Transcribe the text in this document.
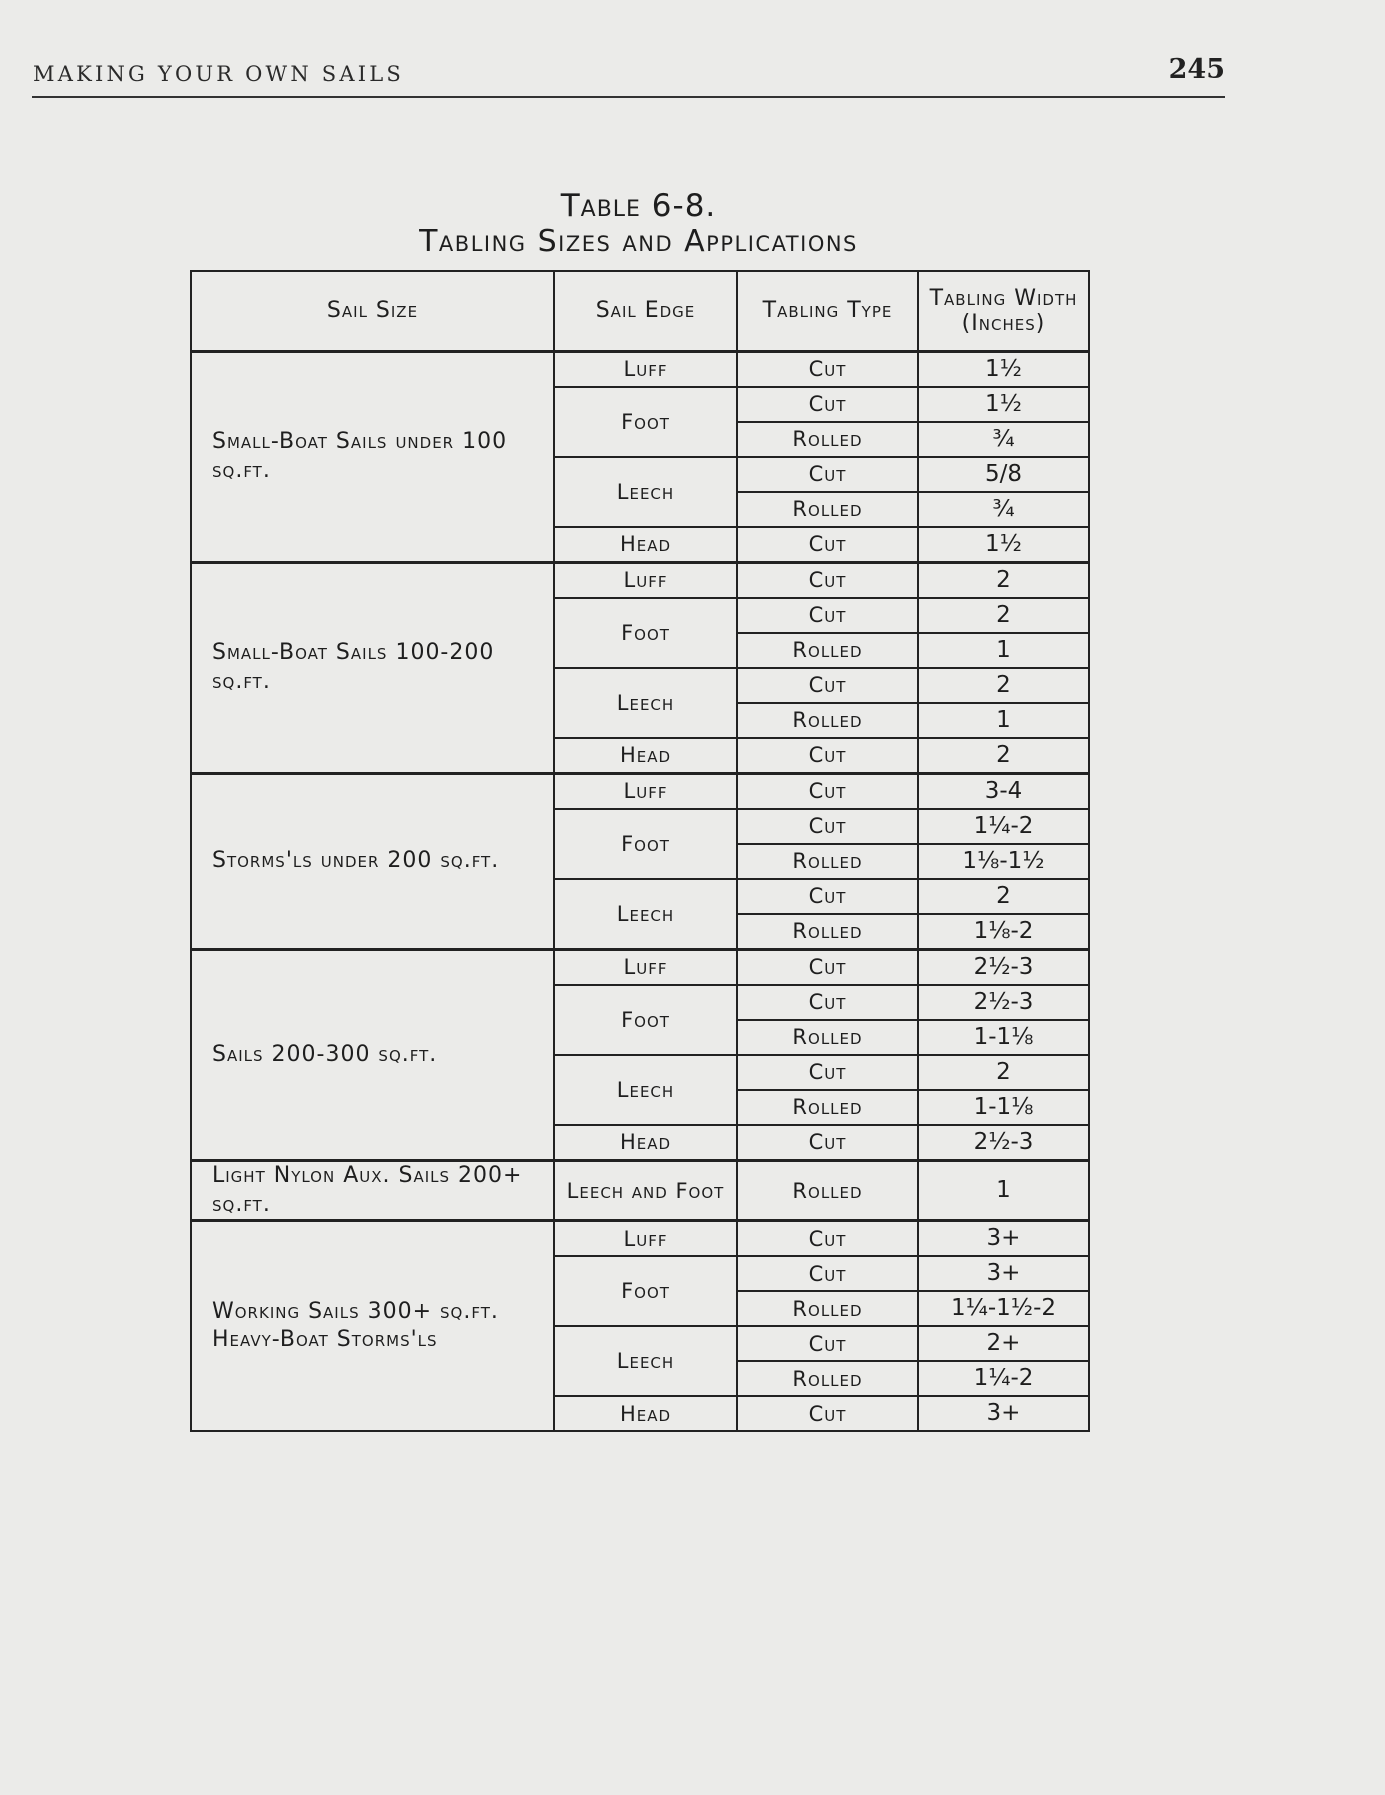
MAKING YOUR OWN SAILS	245
Table 6-8.
Tabling Sizes and Applications
Sail Size	Sail Edge	Tabling Type	Tabling Width (Inches)
Small-Boat Sails under 100 sq.ft.	Luff	Cut	1½
	Foot	Cut	1½
		Rolled	¾
	Leech	Cut	5/8
		Rolled	¾
	Head	Cut	1½
Small-Boat Sails 100-200 sq.ft.	Luff	Cut	2
	Foot	Cut	2
		Rolled	1
	Leech	Cut	2
		Rolled	1
	Head	Cut	2
Storms'ls under 200 sq.ft.	Luff	Cut	3-4
	Foot	Cut	1¼-2
		Rolled	1⅛-1½
	Leech	Cut	2
		Rolled	1⅛-2
Sails 200-300 sq.ft.	Luff	Cut	2½-3
	Foot	Cut	2½-3
		Rolled	1-1⅛
	Leech	Cut	2
		Rolled	1-1⅛
	Head	Cut	2½-3
Light Nylon Aux. Sails 200+ sq.ft.	Leech and Foot	Rolled	1
Working Sails 300+ sq.ft. Heavy-Boat Storms'ls	Luff	Cut	3+
	Foot	Cut	3+
		Rolled	1¼-1½-2
	Leech	Cut	2+
		Rolled	1¼-2
	Head	Cut	3+
